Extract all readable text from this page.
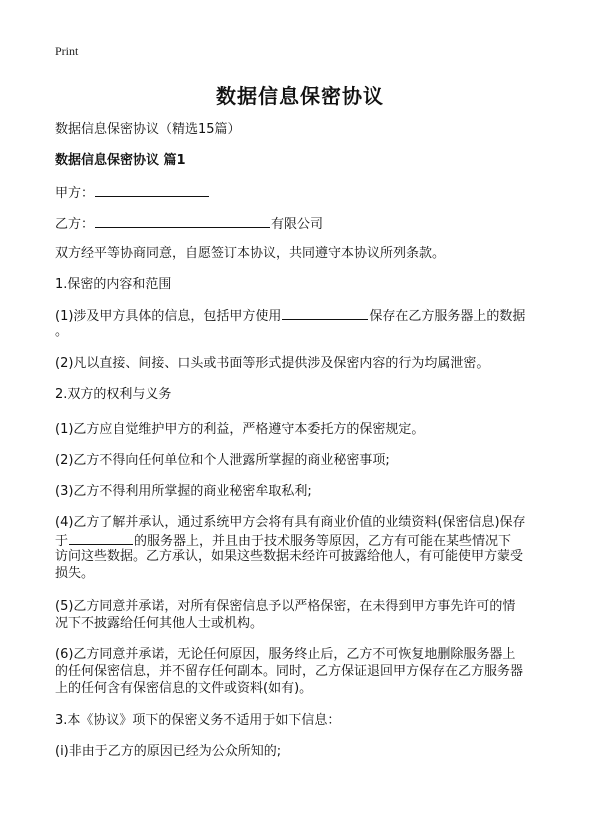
Print
数据信息保密协议
数据信息保密协议（精选15篇）
数据信息保密协议 篇1
甲方：
乙方：	有限公司
双方经平等协商同意，自愿签订本协议，共同遵守本协议所列条款。
1.保密的内容和范围
(1)涉及甲方具体的信息，包括甲方使用	保存在乙方服务器上的数据
。
(2)凡以直接、间接、口头或书面等形式提供涉及保密内容的行为均属泄密。
2.双方的权利与义务
(1)乙方应自觉维护甲方的利益，严格遵守本委托方的保密规定。
(2)乙方不得向任何单位和个人泄露所掌握的商业秘密事项;
(3)乙方不得利用所掌握的商业秘密牟取私利;
(4)乙方了解并承认，通过系统甲方会将有具有商业价值的业绩资料(保密信息)保存
于	的服务器上，并且由于技术服务等原因，乙方有可能在某些情况下
访问这些数据。乙方承认，如果这些数据未经许可披露给他人，有可能使甲方蒙受
损失。
(5)乙方同意并承诺，对所有保密信息予以严格保密，在未得到甲方事先许可的情
况下不披露给任何其他人士或机构。
(6)乙方同意并承诺，无论任何原因，服务终止后，乙方不可恢复地删除服务器上
的任何保密信息，并不留存任何副本。同时，乙方保证退回甲方保存在乙方服务器
上的任何含有保密信息的文件或资料(如有)。
3.本《协议》项下的保密义务不适用于如下信息：
(i)非由于乙方的原因已经为公众所知的;
